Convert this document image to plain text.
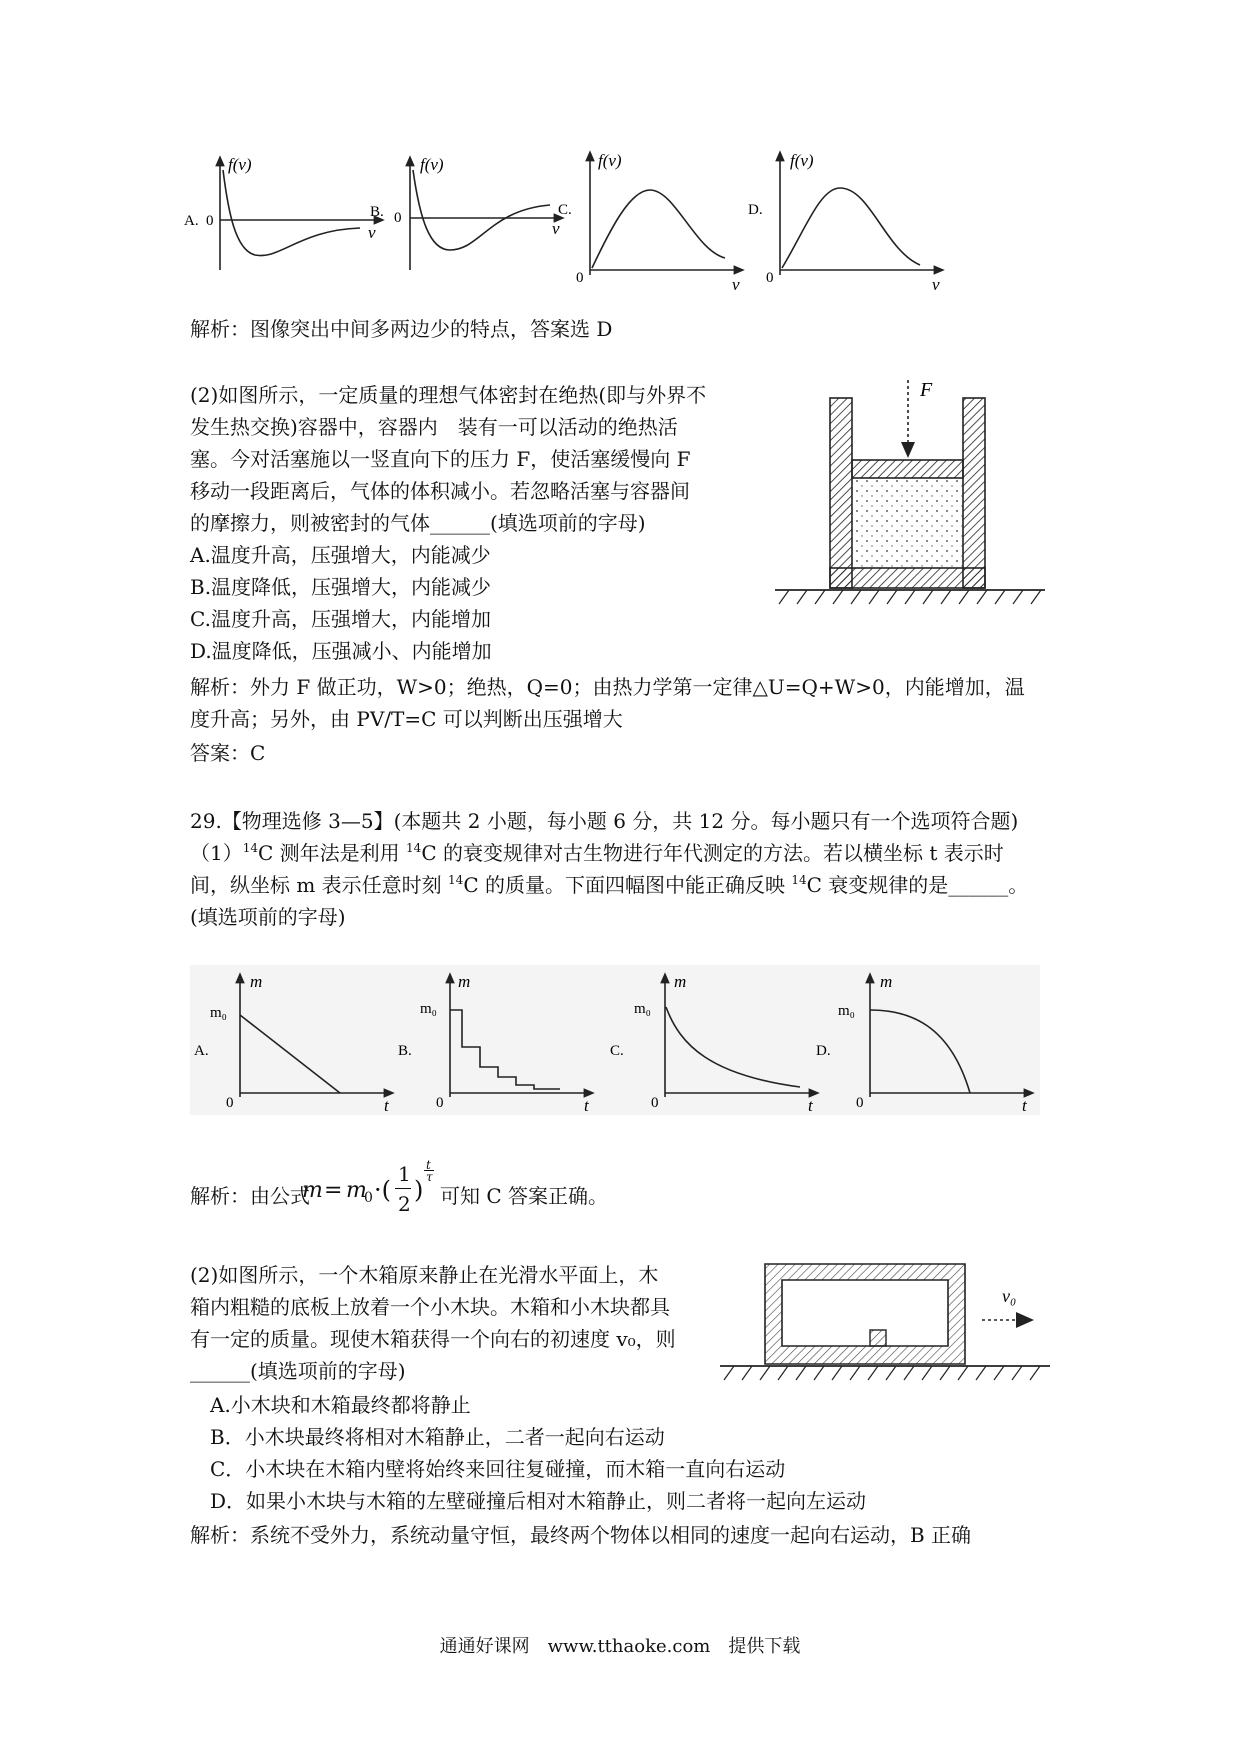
f(v)
v
A. 0
f(v)
v
B. 0
f(v)
v
C.
0
f(v)
v
D.
0
解析：图像突出中间多两边少的特点，答案选 D
(2)如图所示，一定质量的理想气体密封在绝热(即与外界不
发生热交换)容器中，容器内　装有一可以活动的绝热活
塞。今对活塞施以一竖直向下的压力 F，使活塞缓慢向 F
移动一段距离后，气体的体积减小。若忽略活塞与容器间
的摩擦力，则被密封的气体______(填选项前的字母)
A.温度升高，压强增大，内能减少
B.温度降低，压强增大，内能减少
C.温度升高，压强增大，内能增加
D.温度降低，压强减小、内能增加
解析：外力 F 做正功，W>0；绝热，Q=0；由热力学第一定律△U=Q+W>0，内能增加，温
度升高；另外，由 PV/T=C 可以判断出压强增大
答案：C
F
29.【物理选修 3—5】(本题共 2 小题，每小题 6 分，共 12 分。每小题只有一个选项符合题)
$(1)^{14}C$ 测年法是利用 $^{14}$C 的衰变规律对古生物进行年代测定的方法。若以横坐标 t 表示时
间，纵坐标 m 表示任意时刻 $^{14}$C 的质量。下面四幅图中能正确反映 $^{14}$C 衰变规律的是______。
(填选项前的字母)
m
t
m₀
A.
0
m
t
m₀
B.
0
m
t
m₀
C.
0
m
t
m₀
D.
0
解析：由公式
m = m
0 ·(
1
2 )
t
τ
可知 C 答案正确。
(2)如图所示，一个木箱原来静止在光滑水平面上，木
箱内粗糙的底板上放着一个小木块。木箱和小木块都具
有一定的质量。现使木箱获得一个向右的初速度 v₀，则
______(填选项前的字母)
A.小木块和木箱最终都将静止
B．小木块最终将相对木箱静止，二者一起向右运动
C．小木块在木箱内壁将始终来回往复碰撞，而木箱一直向右运动
D．如果小木块与木箱的左壁碰撞后相对木箱静止，则二者将一起向左运动
解析：系统不受外力，系统动量守恒，最终两个物体以相同的速度一起向右运动，B 正确
v₀
通通好课网　www.tthaoke.com　提供下载
